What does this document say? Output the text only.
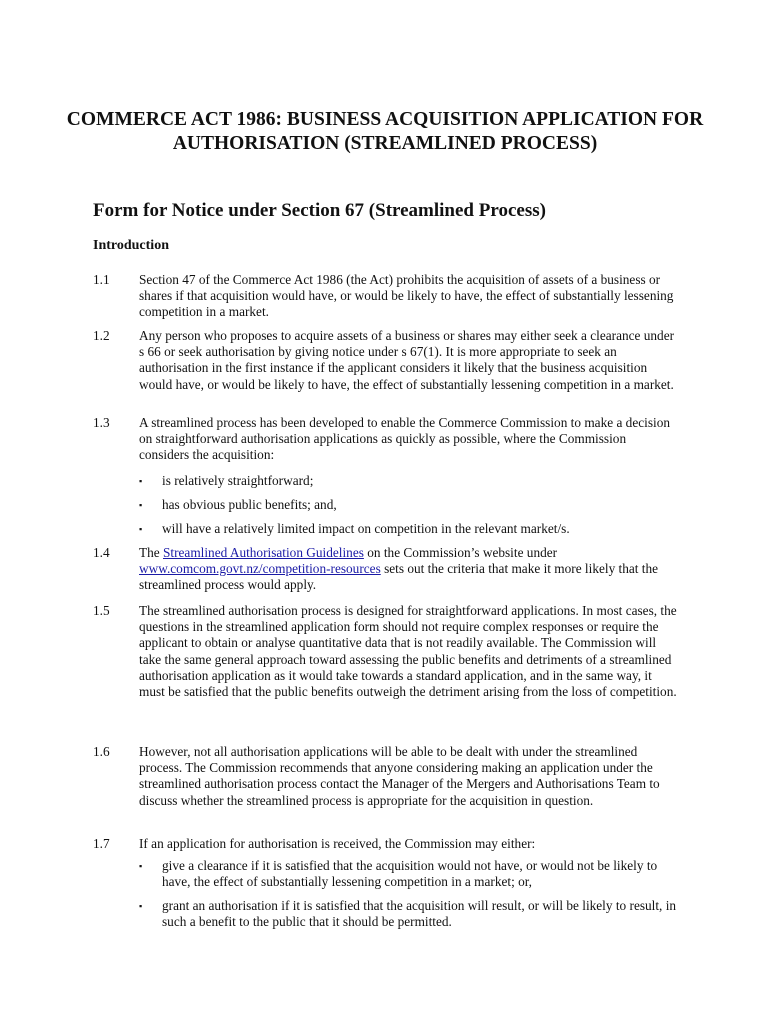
COMMERCE ACT 1986: BUSINESS ACQUISITION APPLICATION FOR AUTHORISATION (STREAMLINED PROCESS)
Form for Notice under Section 67 (Streamlined Process)
Introduction
1.1	Section 47 of the Commerce Act 1986 (the Act) prohibits the acquisition of assets of a business or shares if that acquisition would have, or would be likely to have, the effect of substantially lessening competition in a market.
1.2	Any person who proposes to acquire assets of a business or shares may either seek a clearance under s 66 or seek authorisation by giving notice under s 67(1). It is more appropriate to seek an authorisation in the first instance if the applicant considers it likely that the business acquisition would have, or would be likely to have, the effect of substantially lessening competition in a market.
1.3	A streamlined process has been developed to enable the Commerce Commission to make a decision on straightforward authorisation applications as quickly as possible, where the Commission considers the acquisition:
▪ is relatively straightforward;
▪ has obvious public benefits; and,
▪ will have a relatively limited impact on competition in the relevant market/s.
1.4	The Streamlined Authorisation Guidelines on the Commission’s website under www.comcom.govt.nz/competition-resources sets out the criteria that make it more likely that the streamlined process would apply.
1.5	The streamlined authorisation process is designed for straightforward applications. In most cases, the questions in the streamlined application form should not require complex responses or require the applicant to obtain or analyse quantitative data that is not readily available. The Commission will take the same general approach toward assessing the public benefits and detriments of a streamlined authorisation application as it would take towards a standard application, and in the same way, it must be satisfied that the public benefits outweigh the detriment arising from the loss of competition.
1.6	However, not all authorisation applications will be able to be dealt with under the streamlined process. The Commission recommends that anyone considering making an application under the streamlined authorisation process contact the Manager of the Mergers and Authorisations Team to discuss whether the streamlined process is appropriate for the acquisition in question.
1.7	If an application for authorisation is received, the Commission may either:
▪ give a clearance if it is satisfied that the acquisition would not have, or would not be likely to have, the effect of substantially lessening competition in a market; or,
▪ grant an authorisation if it is satisfied that the acquisition will result, or will be likely to result, in such a benefit to the public that it should be permitted.
